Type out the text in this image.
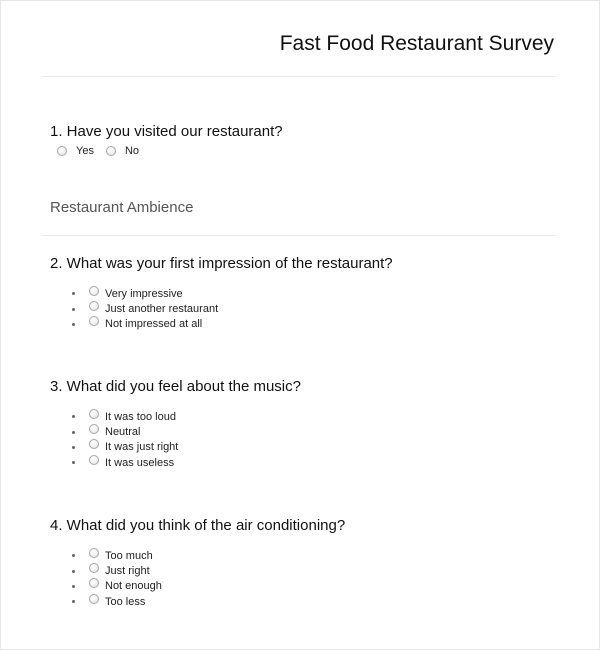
Fast Food Restaurant Survey
1. Have you visited our restaurant?
Yes	No
Restaurant Ambience
2. What was your first impression of the restaurant?
Very impressive
Just another restaurant
Not impressed at all
3. What did you feel about the music?
It was too loud
Neutral
It was just right
It was useless
4. What did you think of the air conditioning?
Too much
Just right
Not enough
Too less
